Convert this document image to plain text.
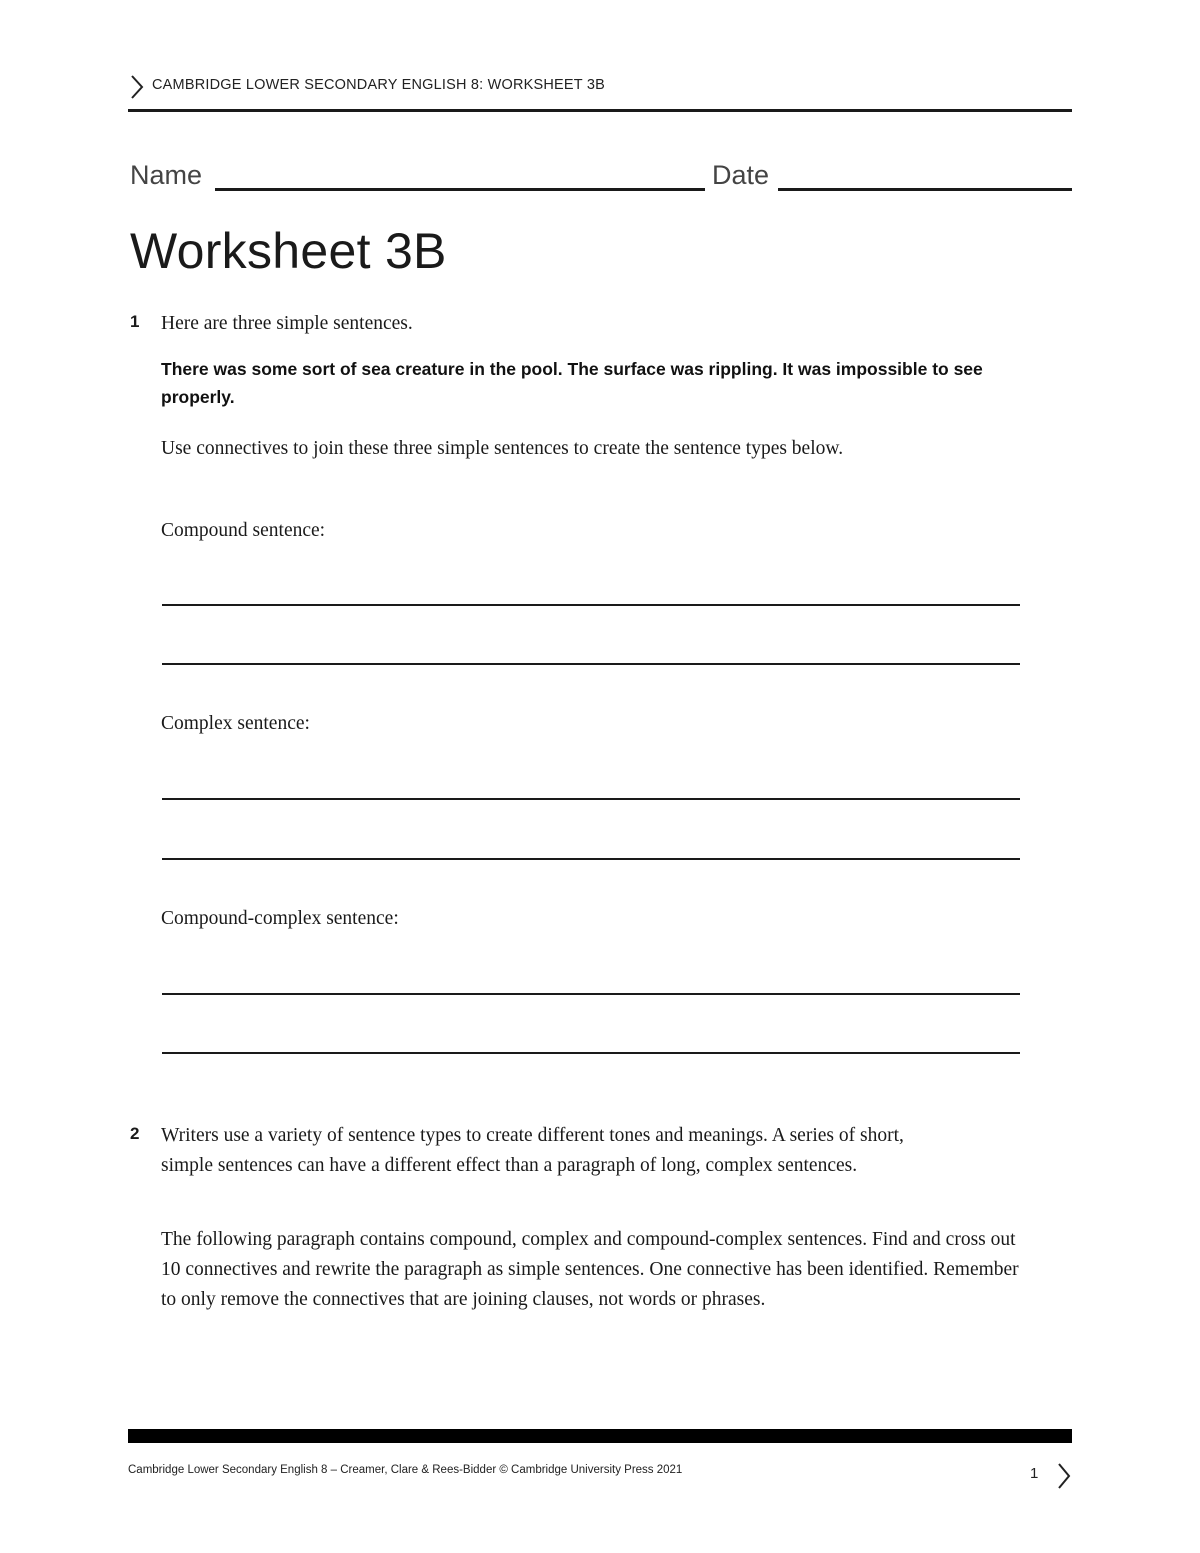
CAMBRIDGE LOWER SECONDARY ENGLISH 8: WORKSHEET 3B
Name	Date
Worksheet 3B
1 Here are three simple sentences.
There was some sort of sea creature in the pool. The surface was rippling. It was impossible to see properly.
Use connectives to join these three simple sentences to create the sentence types below.
Compound sentence:
Complex sentence:
Compound-complex sentence:
2 Writers use a variety of sentence types to create different tones and meanings. A series of short, simple sentences can have a different effect than a paragraph of long, complex sentences.
The following paragraph contains compound, complex and compound-complex sentences. Find and cross out 10 connectives and rewrite the paragraph as simple sentences. One connective has been identified. Remember to only remove the connectives that are joining clauses, not words or phrases.
Cambridge Lower Secondary English 8 – Creamer, Clare & Rees-Bidder © Cambridge University Press 2021	1
